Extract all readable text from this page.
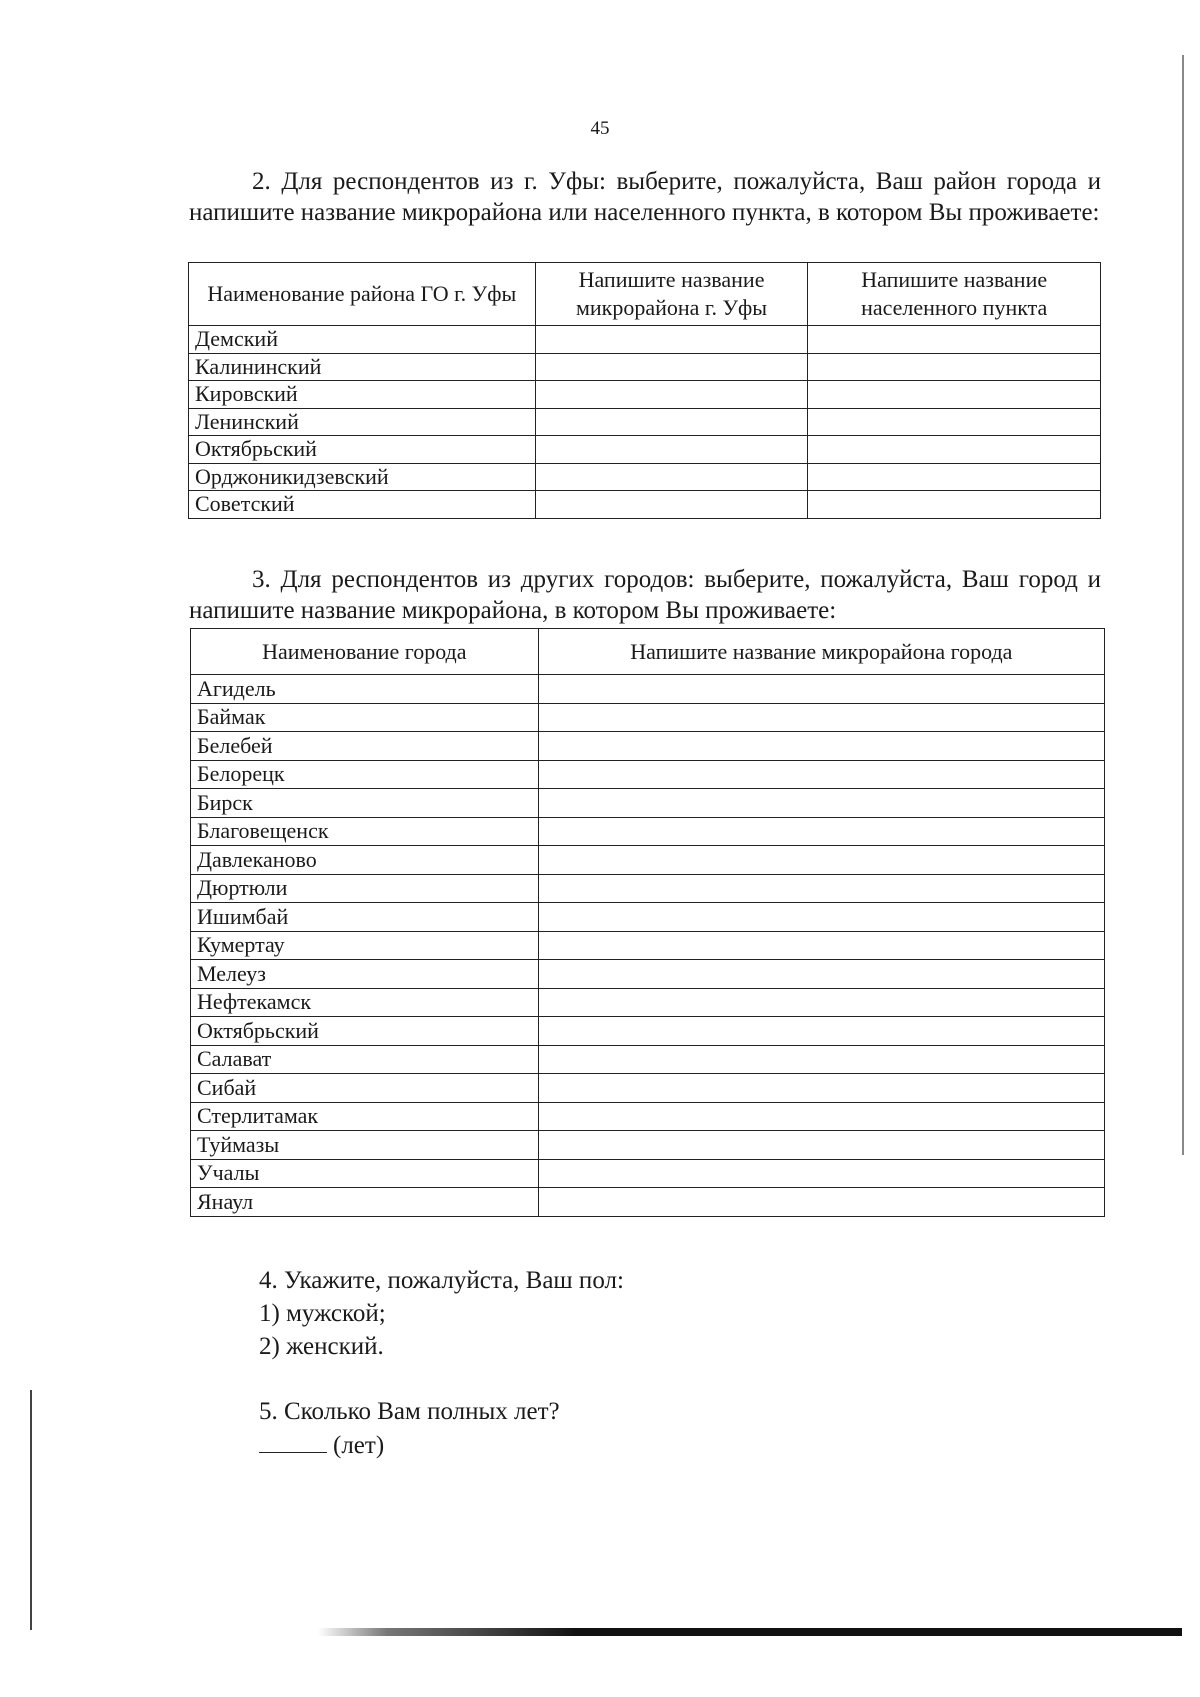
45
2. Для респондентов из г. Уфы: выберите, пожалуйста, Ваш район города и напишите название микрорайона или населенного пункта, в котором Вы проживаете:
Наименование района ГО г. Уфы	Напишите название микрорайона г. Уфы	Напишите название населенного пункта
Демский		
Калининский		
Кировский		
Ленинский		
Октябрьский		
Орджоникидзевский		
Советский		
3. Для респондентов из других городов: выберите, пожалуйста, Ваш город и напишите название микрорайона, в котором Вы проживаете:
Наименование города	Напишите название микрорайона города
Агидель	
Баймак	
Белебей	
Белорецк	
Бирск	
Благовещенск	
Давлеканово	
Дюртюли	
Ишимбай	
Кумертау	
Мелеуз	
Нефтекамск	
Октябрьский	
Салават	
Сибай	
Стерлитамак	
Туймазы	
Учалы	
Янаул	
4. Укажите, пожалуйста, Ваш пол:
1) мужской;
2) женский.
5. Сколько Вам полных лет?
(лет)
